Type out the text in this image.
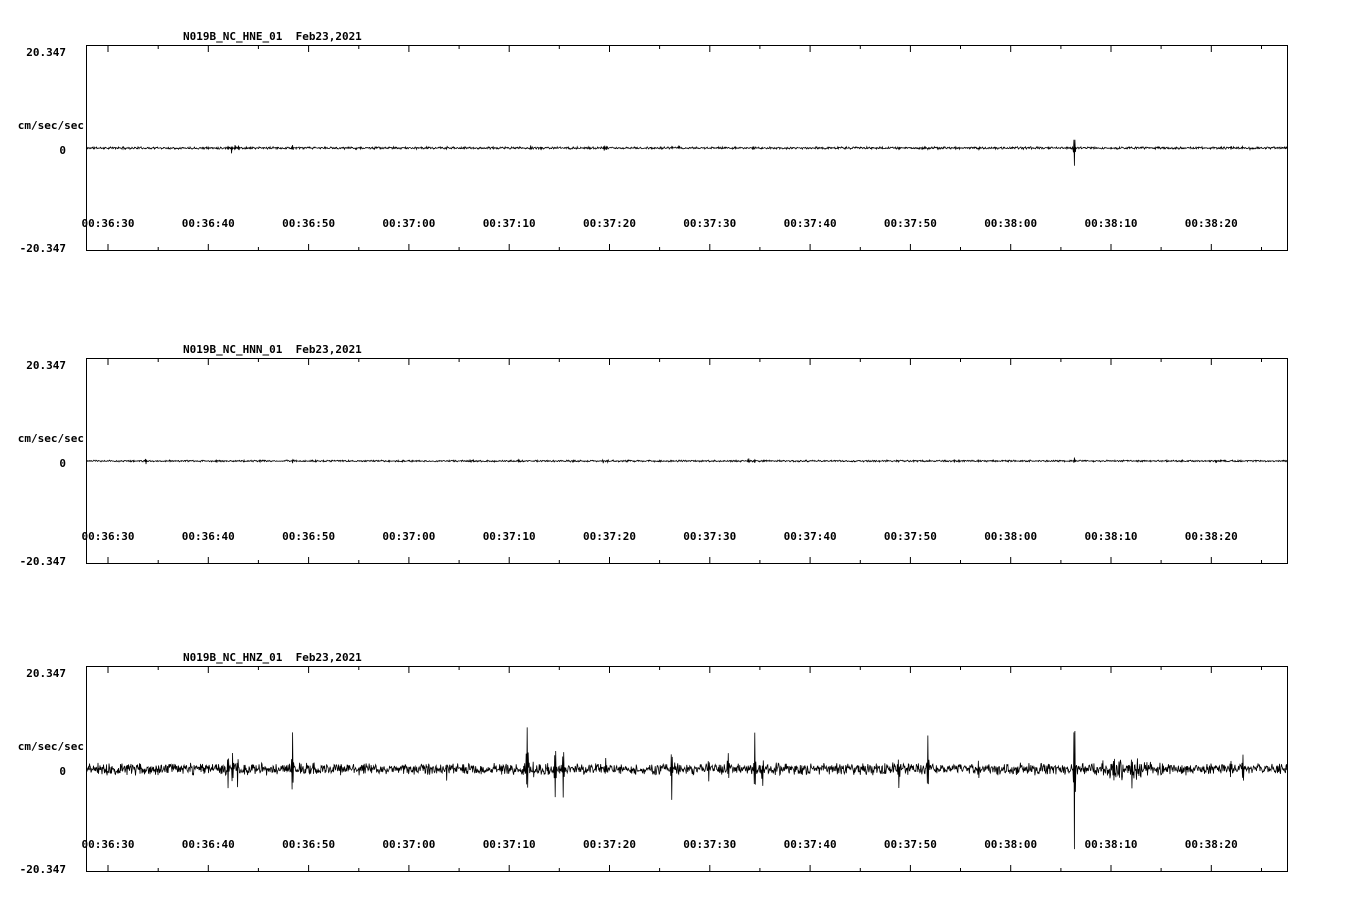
N019B_NC_HNE_01  Feb23,2021
cm/sec/sec
20.347
0
-20.347
00:36:30	00:36:40	00:36:50	00:37:00	00:37:10	00:37:20	00:37:30	00:37:40	00:37:50	00:38:00	00:38:10	00:38:20
N019B_NC_HNN_01  Feb23,2021
cm/sec/sec
20.347
0
-20.347
00:36:30	00:36:40	00:36:50	00:37:00	00:37:10	00:37:20	00:37:30	00:37:40	00:37:50	00:38:00	00:38:10	00:38:20
N019B_NC_HNZ_01  Feb23,2021
cm/sec/sec
20.347
0
-20.347
00:36:30	00:36:40	00:36:50	00:37:00	00:37:10	00:37:20	00:37:30	00:37:40	00:37:50	00:38:00	00:38:10	00:38:20
